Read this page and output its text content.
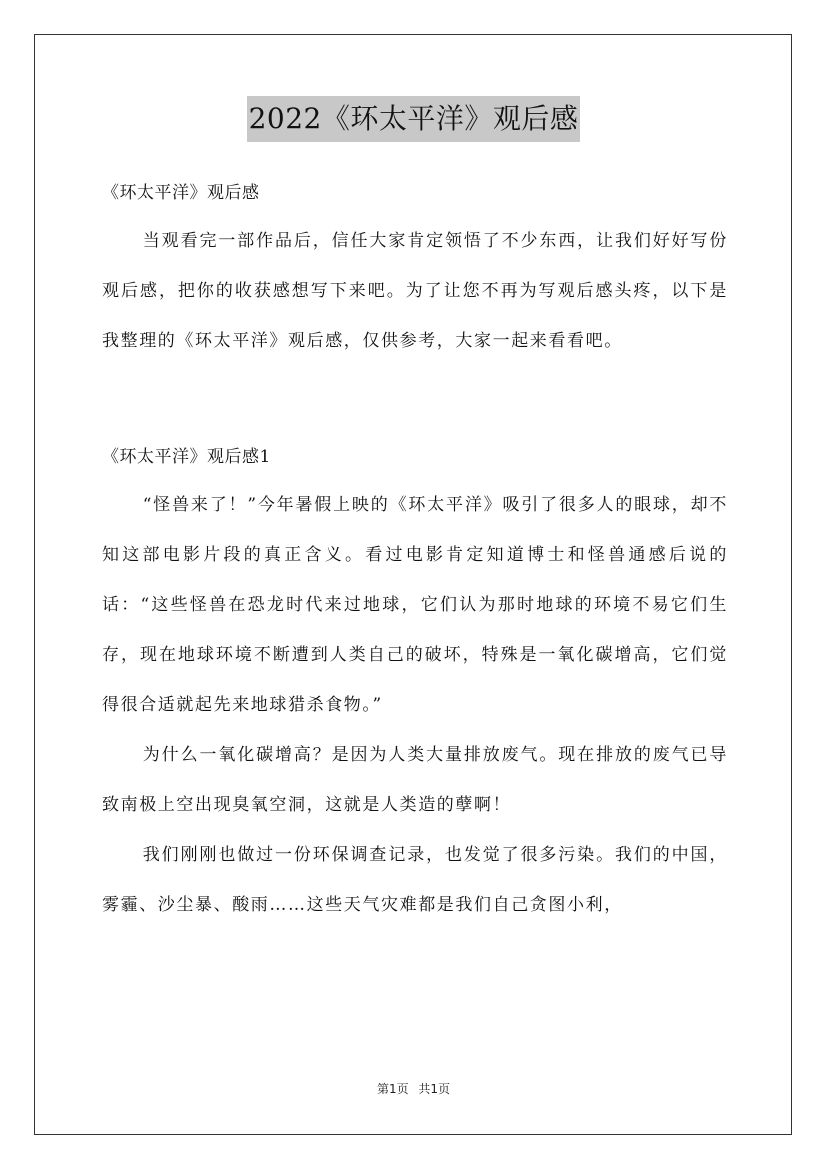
2022《环太平洋》观后感

《环太平洋》观后感

当观看完一部作品后，信任大家肯定领悟了不少东西，让我们好好写份观后感，把你的收获感想写下来吧。为了让您不再为写观后感头疼，以下是我整理的《环太平洋》观后感，仅供参考，大家一起来看看吧。

《环太平洋》观后感1

“怪兽来了！”今年暑假上映的《环太平洋》吸引了很多人的眼球，却不知这部电影片段的真正含义。看过电影肯定知道博士和怪兽通感后说的话：“这些怪兽在恐龙时代来过地球，它们认为那时地球的环境不易它们生存，现在地球环境不断遭到人类自己的破坏，特殊是一氧化碳增高，它们觉得很合适就起先来地球猎杀食物。”

为什么一氧化碳增高？是因为人类大量排放废气。现在排放的废气已导致南极上空出现臭氧空洞，这就是人类造的孽啊！

我们刚刚也做过一份环保调查记录，也发觉了很多污染。我们的中国，雾霾、沙尘暴、酸雨……这些天气灾难都是我们自己贪图小利，

第1页 共1页
